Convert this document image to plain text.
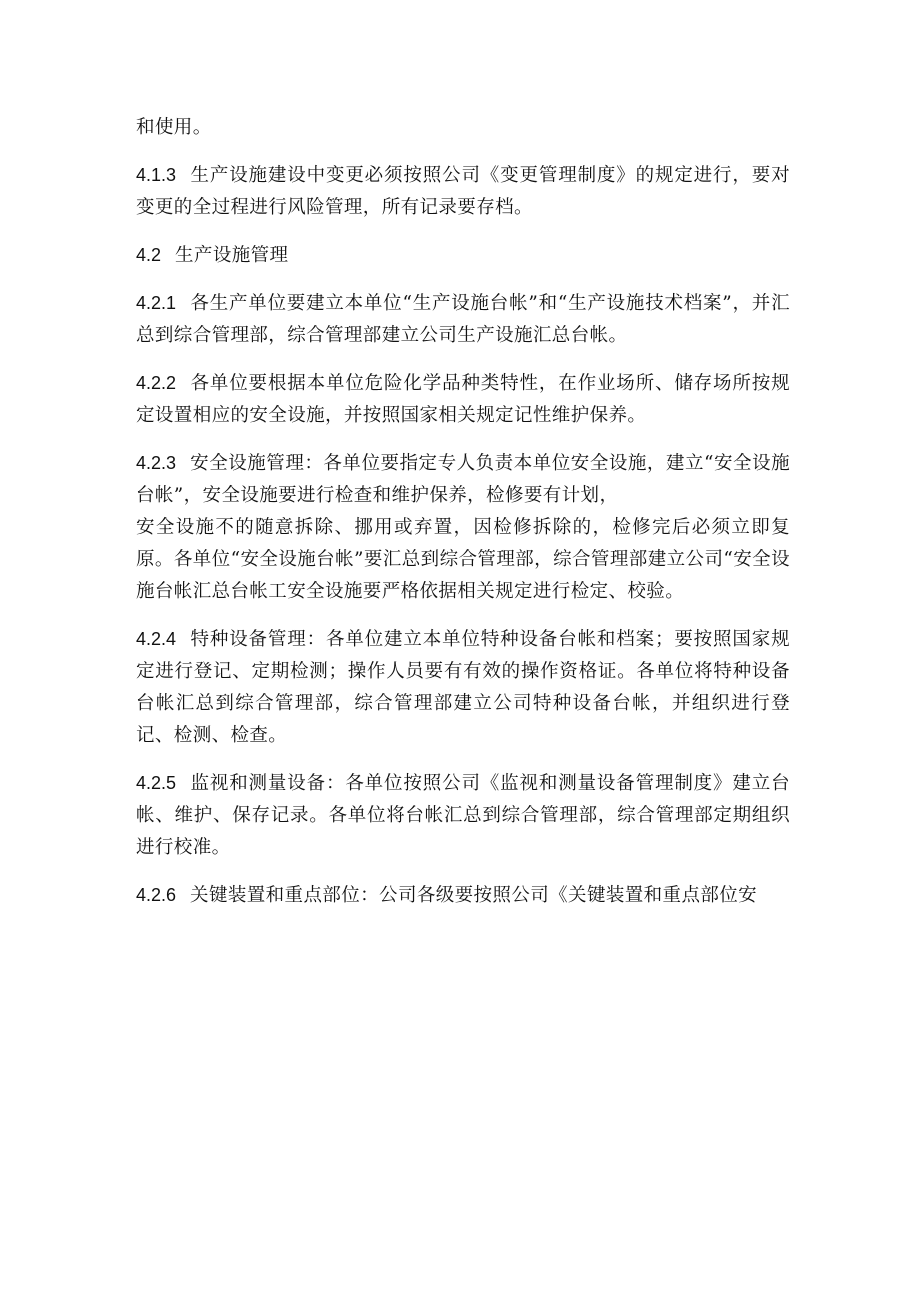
和使用。

4.1.3 生产设施建设中变更必须按照公司《变更管理制度》的规定进行，要对变更的全过程进行风险管理，所有记录要存档。

4.2 生产设施管理

4.2.1 各生产单位要建立本单位“生产设施台帐”和“生产设施技术档案”，并汇总到综合管理部，综合管理部建立公司生产设施汇总台帐。

4.2.2 各单位要根据本单位危险化学品种类特性，在作业场所、储存场所按规定设置相应的安全设施，并按照国家相关规定记性维护保养。

4.2.3 安全设施管理：各单位要指定专人负责本单位安全设施，建立“安全设施台帐”，安全设施要进行检查和维护保养，检修要有计划，

安全设施不的随意拆除、挪用或弃置，因检修拆除的，检修完后必须立即复原。各单位“安全设施台帐”要汇总到综合管理部，综合管理部建立公司“安全设施台帐汇总台帐工安全设施要严格依据相关规定进行检定、校验。

4.2.4 特种设备管理：各单位建立本单位特种设备台帐和档案；要按照国家规定进行登记、定期检测；操作人员要有有效的操作资格证。各单位将特种设备台帐汇总到综合管理部，综合管理部建立公司特种设备台帐，并组织进行登记、检测、检查。

4.2.5 监视和测量设备：各单位按照公司《监视和测量设备管理制度》建立台帐、维护、保存记录。各单位将台帐汇总到综合管理部，综合管理部定期组织进行校准。

4.2.6 关键装置和重点部位：公司各级要按照公司《关键装置和重点部位安
